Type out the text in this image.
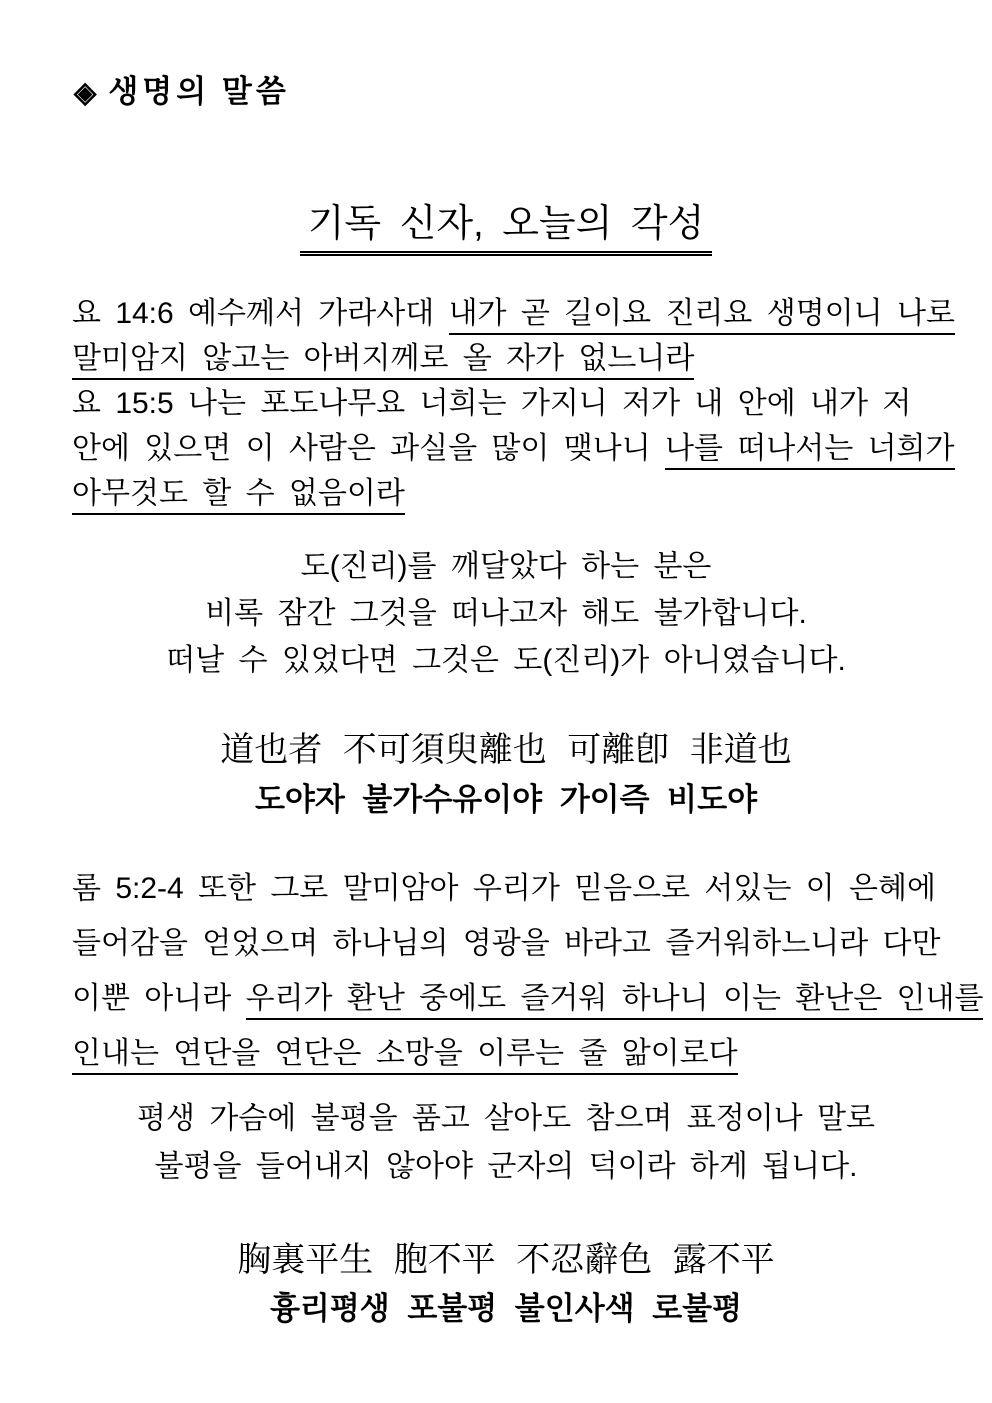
◈ 생명의 말씀
기독 신자, 오늘의 각성
요 14:6 예수께서 가라사대 내가 곧 길이요 진리요 생명이니 나로
말미암지 않고는 아버지께로 올 자가 없느니라
요 15:5 나는 포도나무요 너희는 가지니 저가 내 안에 내가 저
안에 있으면 이 사람은 과실을 많이 맺나니 나를 떠나서는 너희가
아무것도 할 수 없음이라
도(진리)를 깨달았다 하는 분은
비록 잠간 그것을 떠나고자 해도 불가합니다.
떠날 수 있었다면 그것은 도(진리)가 아니였습니다.
道也者 不可須臾離也 可離卽 非道也
도야자 불가수유이야 가이즉 비도야
롬 5:2-4 또한 그로 말미암아 우리가 믿음으로 서있는 이 은혜에
들어감을 얻었으며 하나님의 영광을 바라고 즐거워하느니라 다만
이뿐 아니라 우리가 환난 중에도 즐거워 하나니 이는 환난은 인내를
인내는 연단을 연단은 소망을 이루는 줄 앎이로다
평생 가슴에 불평을 품고 살아도 참으며 표정이나 말로
불평을 들어내지 않아야 군자의 덕이라 하게 됩니다.
胸裏平生 胞不平 不忍辭色 露不平
흉리평생 포불평 불인사색 로불평
